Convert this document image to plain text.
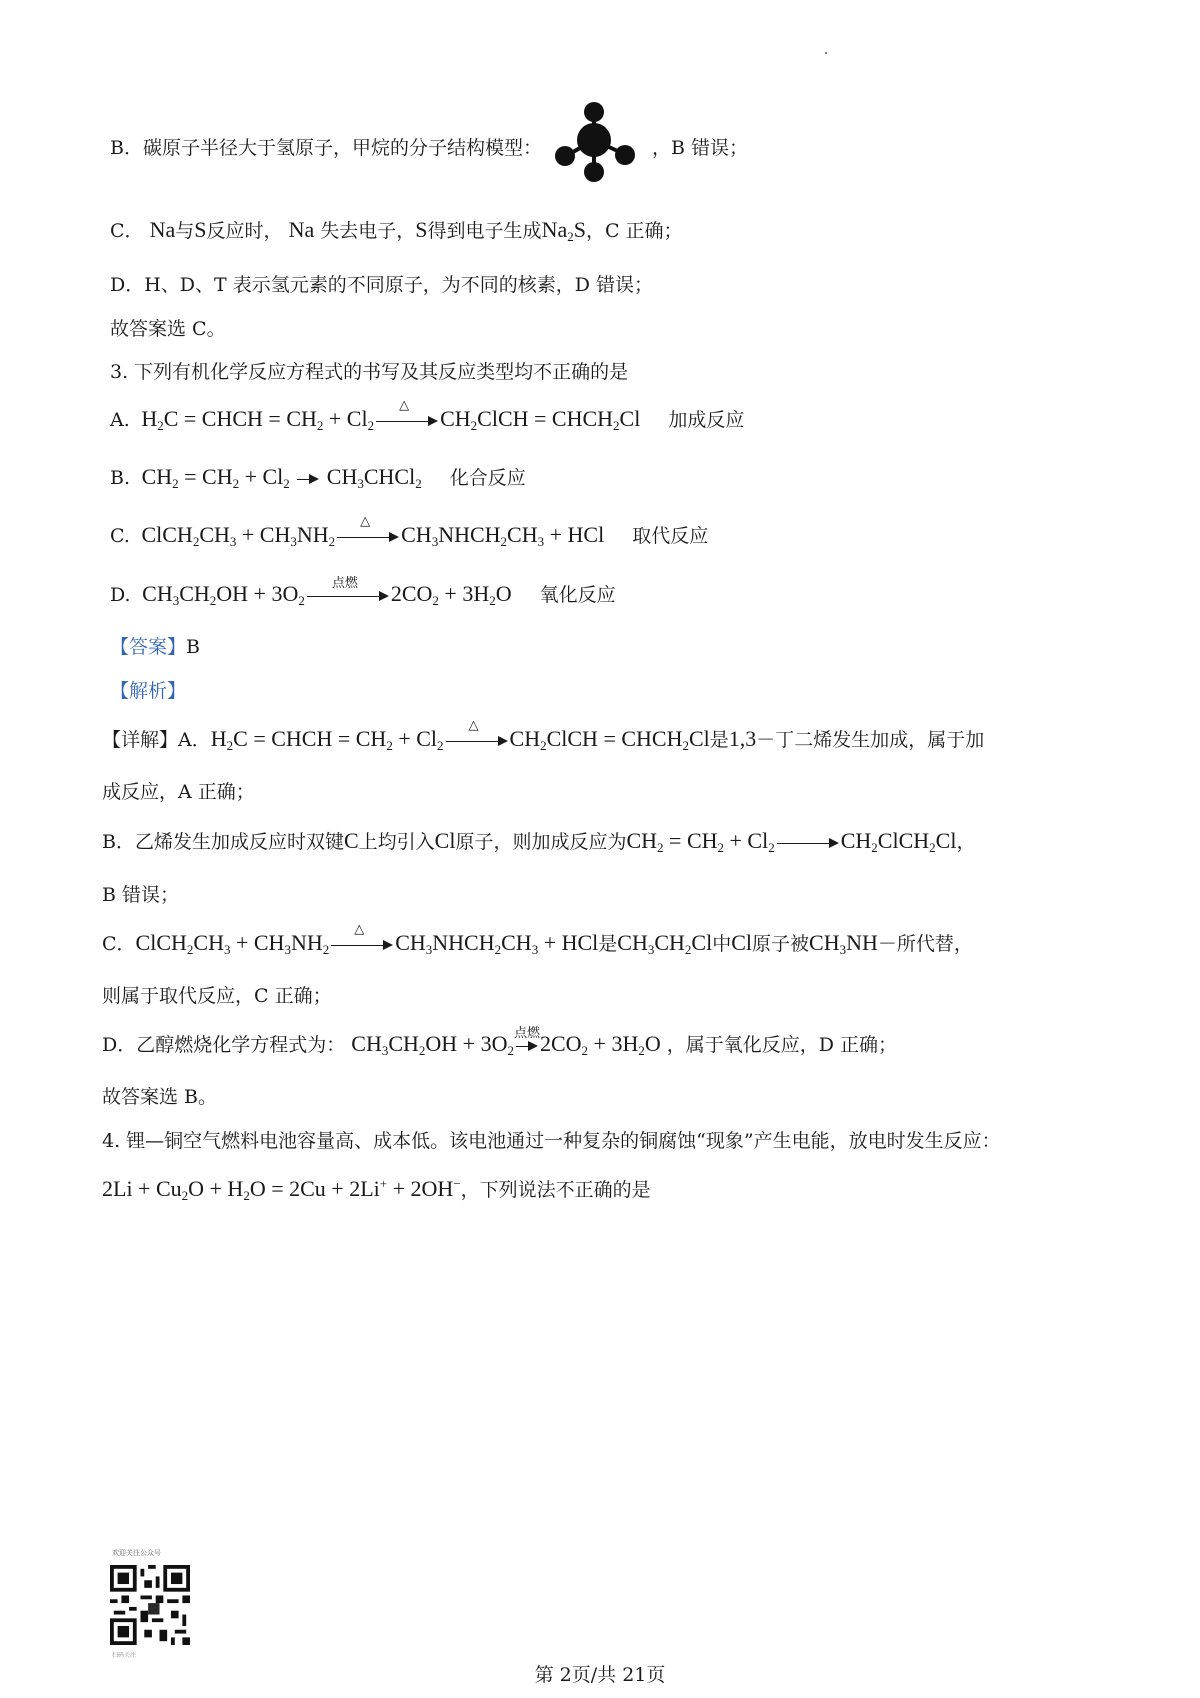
B．碳原子半径大于氢原子，甲烷的分子结构模型：	，B 错误；
C． Na与S反应时， Na 失去电子，S得到电子生成$Na_2S$，C 正确；
D．H、D、T 表示氢元素的不同原子，为不同的核素，D 错误；
故答案选 C。
3. 下列有机化学反应方程式的书写及其反应类型均不正确的是
A.  $H_2C$ = CHCH = $CH_2 + Cl_2$
△
$CH_2ClCH$ = $CHCH_2Cl$ 加成反应
B.  $CH_2 = CH_2 + Cl_2$
$CH_3CHCl_2$ 化合反应
C.  $ClCH_2CH_3 + CH_3NH_2$
△
$CH_3NHCH_2CH_3$ + HCl 取代反应
D.  $CH_3CH_2OH + 3O_2$
点燃	$2CO_2 + 3H_2O$ 氧化反应
【答案】B
【解析】
【详解】A．$H_2C$ = CHCH = $CH_2 + Cl_2$
△
$CH_2ClCH$ = $CHCH_2Cl$是1,3－丁二烯发生加成，属于加
成反应，A 正确；
B．乙烯发生加成反应时双键C上均引入Cl原子，则加成反应为$CH_2 = CH_2 + Cl_2$	$CH_2ClCH_2Cl$，
B 错误；
C．$ClCH_2CH_3 + CH_3NH_2$
△
$CH_3NHCH_2CH_3$ + HCl是$CH_3CH_2Cl$中Cl原子被$CH_3NH-$所代替，
则属于取代反应，C 正确；
D．乙醇燃烧化学方程式为： $CH_3CH_2OH + 3O_2$
点燃 $2CO_2 + 3H_2O$ ，属于氧化反应，D 正确；
故答案选 B。
4. 锂—铜空气燃料电池容量高、成本低。该电池通过一种复杂的铜腐蚀“现象”产生电能，放电时发生反应：
$2Li + Cu_2O + H_2O = 2Cu + 2Li^+ + 2OH^-$，下列说法不正确的是
欢迎关注公众号
扫码关注
第 2页/共 21页
